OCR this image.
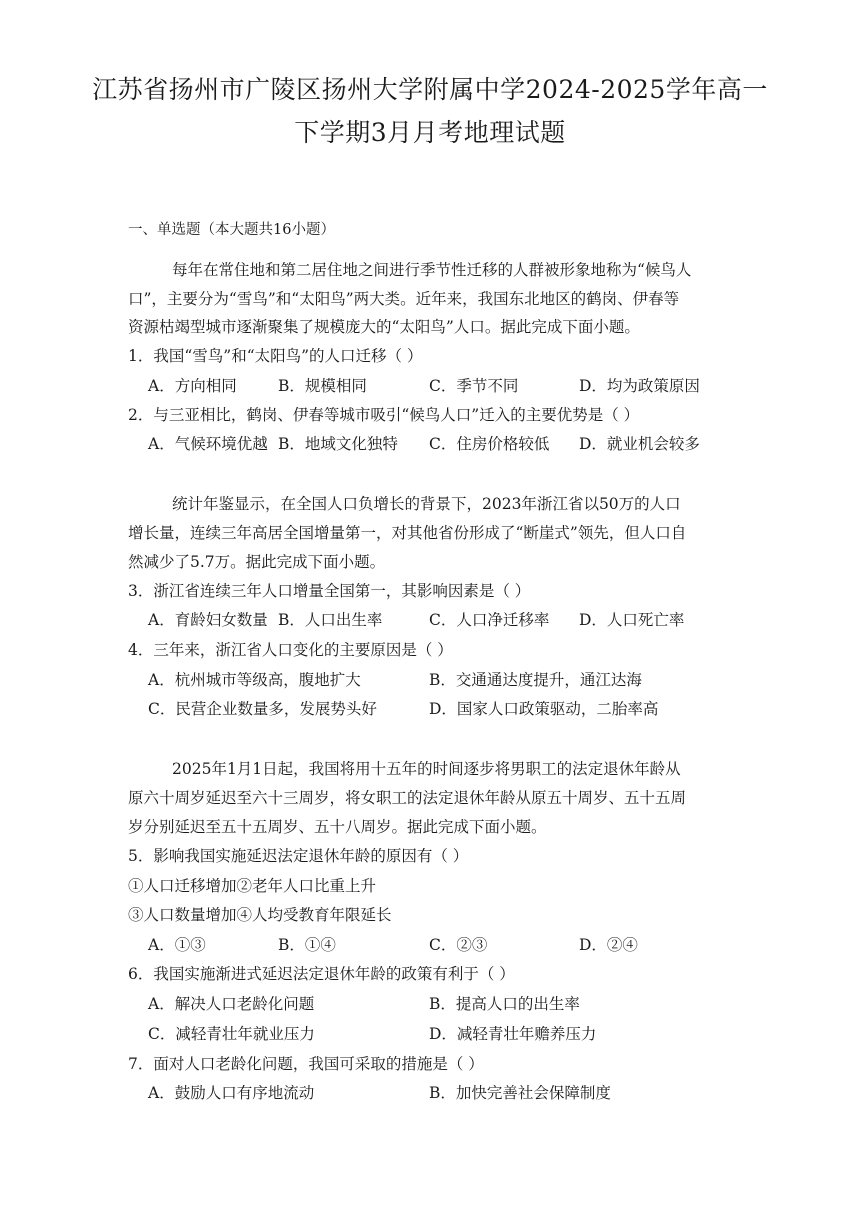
江苏省扬州市广陵区扬州大学附属中学2024-2025学年高一
下学期3月月考地理试题
一、单选题（本大题共16小题）
每年在常住地和第二居住地之间进行季节性迁移的人群被形象地称为“候鸟人
口”，主要分为“雪鸟”和“太阳鸟”两大类。近年来，我国东北地区的鹤岗、伊春等
资源枯竭型城市逐渐聚集了规模庞大的“太阳鸟”人口。据此完成下面小题。
1．我国“雪鸟”和“太阳鸟”的人口迁移（ ）
A．方向相同	B．规模相同	C．季节不同	D．均为政策原因
2．与三亚相比，鹤岗、伊春等城市吸引“候鸟人口”迁入的主要优势是（ ）
A．气候环境优越 B．地域文化独特 C．住房价格较低 D．就业机会较多
统计年鉴显示，在全国人口负增长的背景下，2023年浙江省以50万的人口
增长量，连续三年高居全国增量第一，对其他省份形成了“断崖式”领先，但人口自
然减少了5.7万。据此完成下面小题。
3．浙江省连续三年人口增量全国第一，其影响因素是（ ）
A．育龄妇女数量 B．人口出生率	C．人口净迁移率 D．人口死亡率
4．三年来，浙江省人口变化的主要原因是（ ）
A．杭州城市等级高，腹地扩大	B．交通通达度提升，通江达海
C．民营企业数量多，发展势头好	D．国家人口政策驱动，二胎率高
2025年1月1日起，我国将用十五年的时间逐步将男职工的法定退休年龄从
原六十周岁延迟至六十三周岁，将女职工的法定退休年龄从原五十周岁、五十五周
岁分别延迟至五十五周岁、五十八周岁。据此完成下面小题。
5．影响我国实施延迟法定退休年龄的原因有（ ）
①人口迁移增加②老年人口比重上升
③人口数量增加④人均受教育年限延长
A．①③	B．①④	C．②③	D．②④
6．我国实施渐进式延迟法定退休年龄的政策有利于（ ）
A．解决人口老龄化问题	B．提高人口的出生率
C．减轻青壮年就业压力	D．减轻青壮年赡养压力
7．面对人口老龄化问题，我国可采取的措施是（ ）
A．鼓励人口有序地流动	B．加快完善社会保障制度
